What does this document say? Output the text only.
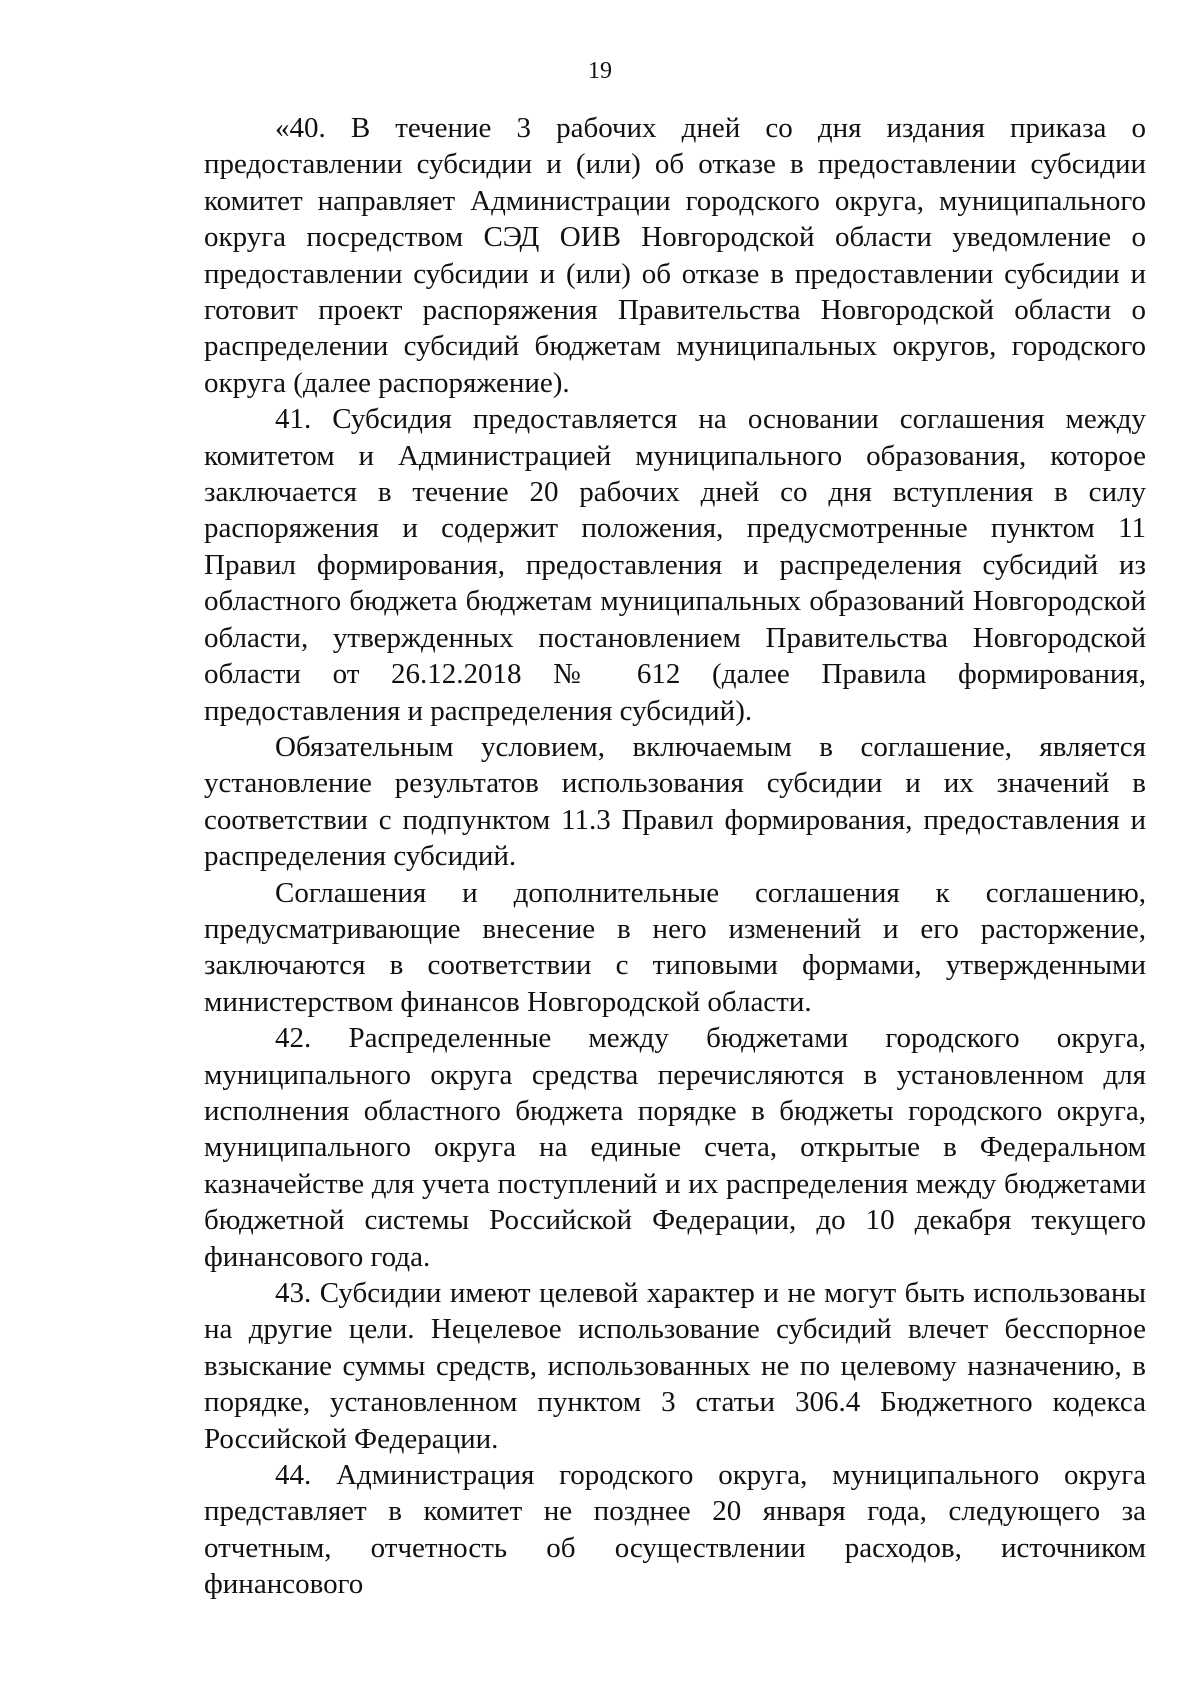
19

«40. В течение 3 рабочих дней со дня издания приказа о предоставлении субсидии и (или) об отказе в предоставлении субсидии комитет направляет Администрации городского округа, муниципального округа посредством СЭД ОИВ Новгородской области уведомление о предоставлении субсидии и (или) об отказе в предоставлении субсидии и готовит проект распоряжения Правительства Новгородской области о распределении субсидий бюджетам муниципальных округов, городского округа (далее распоряжение).

41. Субсидия предоставляется на основании соглашения между комитетом и Администрацией муниципального образования, которое заключается в течение 20 рабочих дней со дня вступления в силу распоряжения и содержит положения, предусмотренные пунктом 11 Правил формирования, предоставления и распределения субсидий из областного бюджета бюджетам муниципальных образований Новгородской области, утвержденных постановлением Правительства Новгородской области от 26.12.2018 № 612 (далее Правила формирования, предоставления и распределения субсидий).

Обязательным условием, включаемым в соглашение, является установление результатов использования субсидии и их значений в соответствии с подпунктом 11.3 Правил формирования, предоставления и распределения субсидий.

Соглашения и дополнительные соглашения к соглашению, предусматривающие внесение в него изменений и его расторжение, заключаются в соответствии с типовыми формами, утвержденными министерством финансов Новгородской области.

42. Распределенные между бюджетами городского округа, муниципального округа средства перечисляются в установленном для исполнения областного бюджета порядке в бюджеты городского округа, муниципального округа на единые счета, открытые в Федеральном казначействе для учета поступлений и их распределения между бюджетами бюджетной системы Российской Федерации, до 10 декабря текущего финансового года.

43. Субсидии имеют целевой характер и не могут быть использованы на другие цели. Нецелевое использование субсидий влечет бесспорное взыскание суммы средств, использованных не по целевому назначению, в порядке, установленном пунктом 3 статьи 306.4 Бюджетного кодекса Российской Федерации.

44. Администрация городского округа, муниципального округа представляет в комитет не позднее 20 января года, следующего за отчетным, отчетность об осуществлении расходов, источником финансового
